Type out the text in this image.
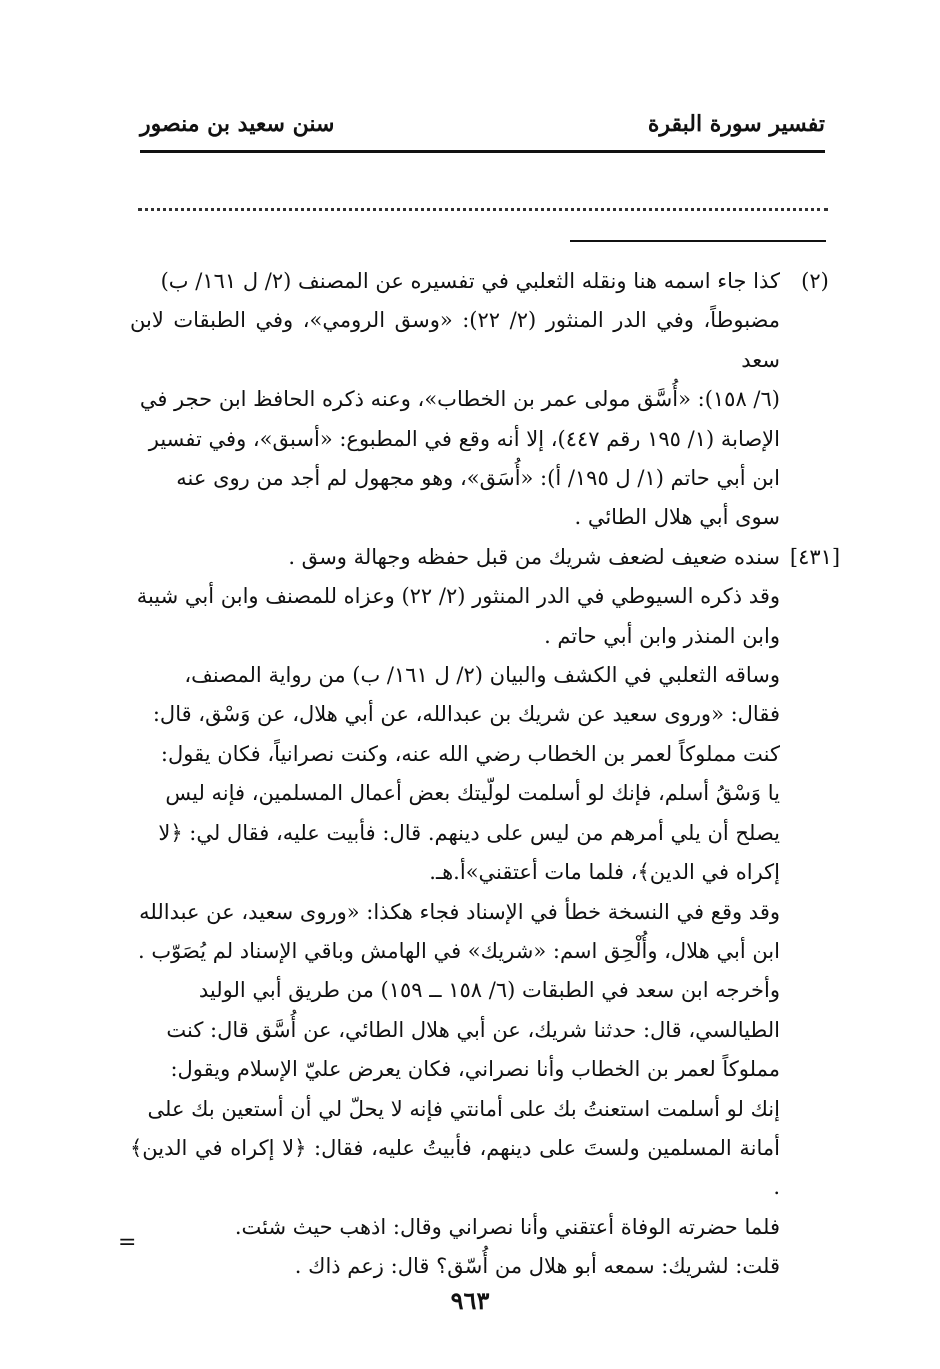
تفسير سورة البقرة
سنن سعيد بن منصور
(٢)
كذا جاء اسمه هنا ونقله الثعلبي في تفسيره عن المصنف (٢/ ل ١٦١/ ب)
مضبوطاً، وفي الدر المنثور (٢/ ٢٢): «وسق الرومي»، وفي الطبقات لابن سعد
(٦/ ١٥٨): «أُسَّق مولى عمر بن الخطاب»، وعنه ذكره الحافظ ابن حجر في
الإصابة (١/ ١٩٥ رقم ٤٤٧)، إلا أنه وقع في المطبوع: «أسبق»، وفي تفسير
ابن أبي حاتم (١/ ل ١٩٥/ أ): «أُسَق»، وهو مجهول لم أجد من روى عنه
سوى أبي هلال الطائي .
[٤٣١]
سنده ضعيف لضعف شريك من قبل حفظه وجهالة وسق .
وقد ذكره السيوطي في الدر المنثور (٢/ ٢٢) وعزاه للمصنف وابن أبي شيبة
وابن المنذر وابن أبي حاتم .
وساقه الثعلبي في الكشف والبيان (٢/ ل ١٦١/ ب) من رواية المصنف،
فقال: «وروى سعيد عن شريك بن عبدالله، عن أبي هلال، عن وَسْق، قال:
كنت مملوكاً لعمر بن الخطاب رضي الله عنه، وكنت نصرانياً، فكان يقول:
يا وَسْقُ أسلم، فإنك لو أسلمت لولّيتك بعض أعمال المسلمين، فإنه ليس
يصلح أن يلي أمرهم من ليس على دينهم. قال: فأبيت عليه، فقال لي: ﴿لا
إكراه في الدين﴾، فلما مات أعتقني»أ.هـ.
وقد وقع في النسخة خطأ في الإسناد فجاء هكذا: «وروى سعيد، عن عبدالله
ابن أبي هلال، وأُلْحِق اسم: «شريك» في الهامش وباقي الإسناد لم يُصَوّب .
وأخرجه ابن سعد في الطبقات (٦/ ١٥٨ ــ ١٥٩) من طريق أبي الوليد
الطيالسي، قال: حدثنا شريك، عن أبي هلال الطائي، عن أُسَّق قال: كنت
مملوكاً لعمر بن الخطاب وأنا نصراني، فكان يعرض عليّ الإسلام ويقول:
إنك لو أسلمت استعنتُ بك على أمانتي فإنه لا يحلّ لي أن أستعين بك على
أمانة المسلمين ولستَ على دينهم، فأبيتُ عليه، فقال: ﴿لا إكراه في الدين﴾ .
فلما حضرته الوفاة أعتقني وأنا نصراني وقال: اذهب حيث شئت.
قلت: لشريك: سمعه أبو هلال من أُسّق؟ قال: زعم ذاك .
=
٩٦٣
